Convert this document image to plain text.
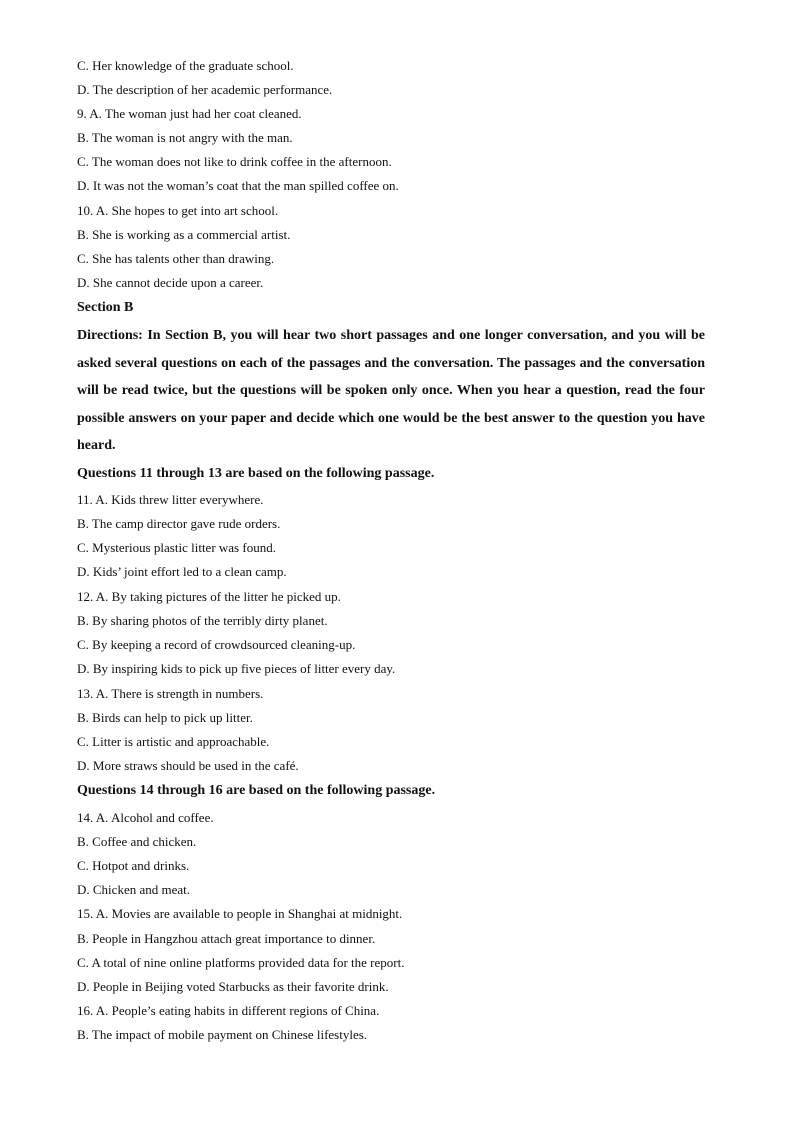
C. Her knowledge of the graduate school.
D. The description of her academic performance.
9. A. The woman just had her coat cleaned.
B. The woman is not angry with the man.
C. The woman does not like to drink coffee in the afternoon.
D. It was not the woman’s coat that the man spilled coffee on.
10. A. She hopes to get into art school.
B. She is working as a commercial artist.
C. She has talents other than drawing.
D. She cannot decide upon a career.
Section B
Directions: In Section B, you will hear two short passages and one longer conversation, and you will be asked several questions on each of the passages and the conversation. The passages and the conversation will be read twice, but the questions will be spoken only once. When you hear a question, read the four possible answers on your paper and decide which one would be the best answer to the question you have heard.
Questions 11 through 13 are based on the following passage.
11. A. Kids threw litter everywhere.
B. The camp director gave rude orders.
C. Mysterious plastic litter was found.
D. Kids’ joint effort led to a clean camp.
12. A. By taking pictures of the litter he picked up.
B. By sharing photos of the terribly dirty planet.
C. By keeping a record of crowdsourced cleaning-up.
D. By inspiring kids to pick up five pieces of litter every day.
13. A. There is strength in numbers.
B. Birds can help to pick up litter.
C. Litter is artistic and approachable.
D. More straws should be used in the café.
Questions 14 through 16 are based on the following passage.
14. A. Alcohol and coffee.
B. Coffee and chicken.
C. Hotpot and drinks.
D. Chicken and meat.
15. A. Movies are available to people in Shanghai at midnight.
B. People in Hangzhou attach great importance to dinner.
C. A total of nine online platforms provided data for the report.
D. People in Beijing voted Starbucks as their favorite drink.
16. A. People’s eating habits in different regions of China.
B. The impact of mobile payment on Chinese lifestyles.
